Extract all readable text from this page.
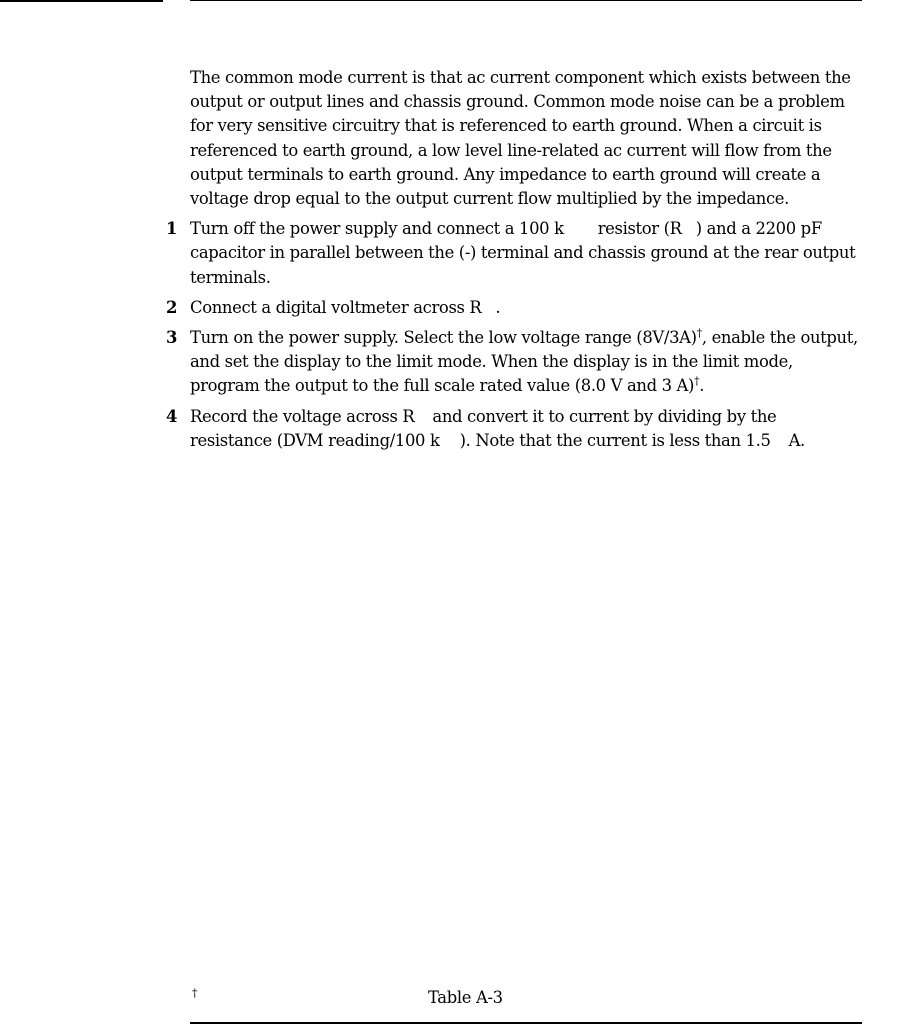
The common mode current is that ac current component which exists between the output or output lines and chassis ground. Common mode noise can be a problem for very sensitive circuitry that is referenced to earth ground. When a circuit is referenced to earth ground, a low level line-related ac current will flow from the output terminals to earth ground. Any impedance to earth ground will create a voltage drop equal to the output current flow multiplied by the impedance.

1 Turn off the power supply and connect a 100 k resistor (R ) and a 2200 pF capacitor in parallel between the (-) terminal and chassis ground at the rear output terminals.

2 Connect a digital voltmeter across R .

3 Turn on the power supply. Select the low voltage range (8V/3A)†, enable the output, and set the display to the limit mode. When the display is in the limit mode, program the output to the full scale rated value (8.0 V and 3 A)†.

4 Record the voltage across R and convert it to current by dividing by the resistance (DVM reading/100 k ). Note that the current is less than 1.5 A.

†	Table A-3
